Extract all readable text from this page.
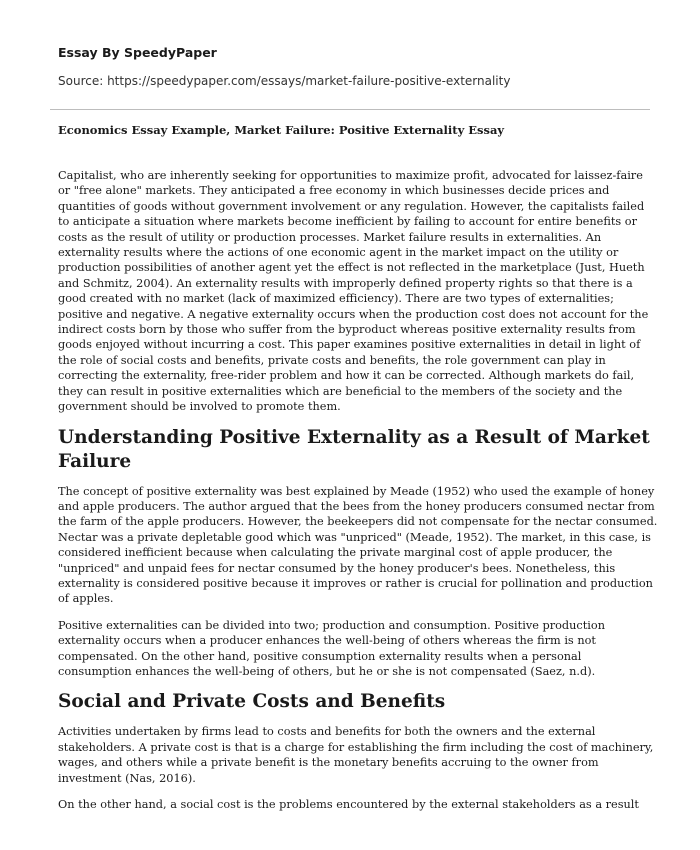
Essay By SpeedyPaper
Source: https://speedypaper.com/essays/market-failure-positive-externality
Economics Essay Example, Market Failure: Positive Externality Essay

Capitalist, who are inherently seeking for opportunities to maximize profit, advocated for laissez-faire or "free alone" markets. They anticipated a free economy in which businesses decide prices and quantities of goods without government involvement or any regulation. However, the capitalists failed to anticipate a situation where markets become inefficient by failing to account for entire benefits or costs as the result of utility or production processes. Market failure results in externalities. An externality results where the actions of one economic agent in the market impact on the utility or production possibilities of another agent yet the effect is not reflected in the marketplace (Just, Hueth and Schmitz, 2004). An externality results with improperly defined property rights so that there is a good created with no market (lack of maximized efficiency). There are two types of externalities; positive and negative. A negative externality occurs when the production cost does not account for the indirect costs born by those who suffer from the byproduct whereas positive externality results from goods enjoyed without incurring a cost. This paper examines positive externalities in detail in light of the role of social costs and benefits, private costs and benefits, the role government can play in correcting the externality, free-rider problem and how it can be corrected. Although markets do fail, they can result in positive externalities which are beneficial to the members of the society and the government should be involved to promote them.

Understanding Positive Externality as a Result of Market Failure

The concept of positive externality was best explained by Meade (1952) who used the example of honey and apple producers. The author argued that the bees from the honey producers consumed nectar from the farm of the apple producers. However, the beekeepers did not compensate for the nectar consumed. Nectar was a private depletable good which was "unpriced" (Meade, 1952). The market, in this case, is considered inefficient because when calculating the private marginal cost of apple producer, the "unpriced" and unpaid fees for nectar consumed by the honey producer's bees. Nonetheless, this externality is considered positive because it improves or rather is crucial for pollination and production of apples.

Positive externalities can be divided into two; production and consumption. Positive production externality occurs when a producer enhances the well-being of others whereas the firm is not compensated. On the other hand, positive consumption externality results when a personal consumption enhances the well-being of others, but he or she is not compensated (Saez, n.d).

Social and Private Costs and Benefits

Activities undertaken by firms lead to costs and benefits for both the owners and the external stakeholders. A private cost is that is a charge for establishing the firm including the cost of machinery, wages, and others while a private benefit is the monetary benefits accruing to the owner from investment (Nas, 2016).

On the other hand, a social cost is the problems encountered by the external stakeholders as a result
